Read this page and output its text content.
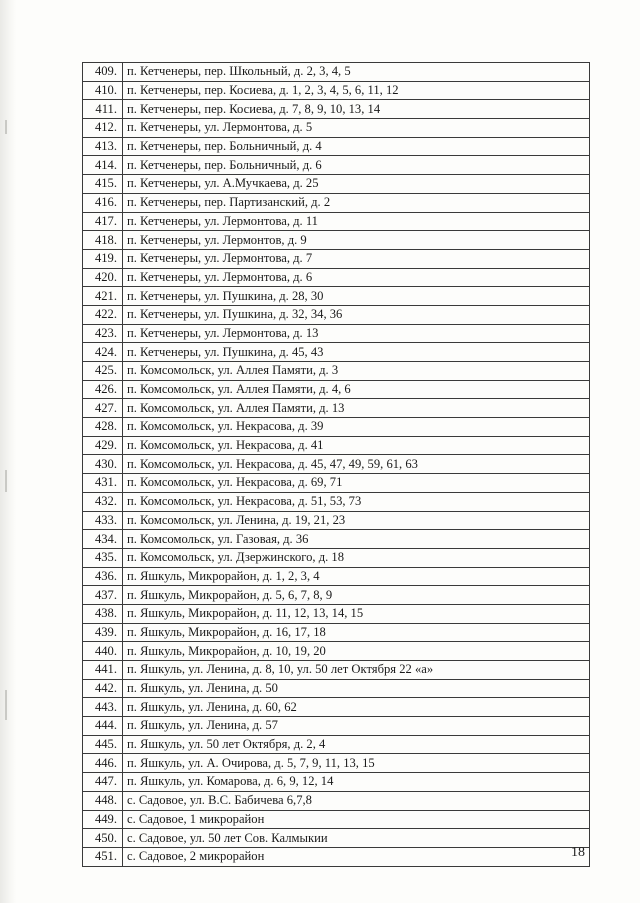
409.	п. Кетченеры, пер. Школьный, д. 2, 3, 4, 5
410.	п. Кетченеры, пер. Косиева, д. 1, 2, 3, 4, 5, 6, 11, 12
411.	п. Кетченеры, пер. Косиева, д. 7, 8, 9, 10, 13, 14
412.	п. Кетченеры, ул. Лермонтова, д. 5
413.	п. Кетченеры, пер. Больничный, д. 4
414.	п. Кетченеры, пер. Больничный, д. 6
415.	п. Кетченеры, ул. А.Мучкаева, д. 25
416.	п. Кетченеры, пер. Партизанский, д. 2
417.	п. Кетченеры, ул. Лермонтова, д. 11
418.	п. Кетченеры, ул. Лермонтов, д. 9
419.	п. Кетченеры, ул. Лермонтова, д. 7
420.	п. Кетченеры, ул. Лермонтова, д. 6
421.	п. Кетченеры, ул. Пушкина, д. 28, 30
422.	п. Кетченеры, ул. Пушкина, д. 32, 34, 36
423.	п. Кетченеры, ул. Лермонтова, д. 13
424.	п. Кетченеры, ул. Пушкина, д. 45, 43
425.	п. Комсомольск, ул. Аллея Памяти, д. 3
426.	п. Комсомольск, ул. Аллея Памяти, д. 4, 6
427.	п. Комсомольск, ул. Аллея Памяти, д. 13
428.	п. Комсомольск, ул. Некрасова, д. 39
429.	п. Комсомольск, ул. Некрасова, д. 41
430.	п. Комсомольск, ул. Некрасова, д. 45, 47, 49, 59, 61, 63
431.	п. Комсомольск, ул. Некрасова, д. 69, 71
432.	п. Комсомольск, ул. Некрасова, д. 51, 53, 73
433.	п. Комсомольск, ул. Ленина, д. 19, 21, 23
434.	п. Комсомольск, ул. Газовая, д. 36
435.	п. Комсомольск, ул. Дзержинского, д. 18
436.	п. Яшкуль, Микрорайон, д. 1, 2, 3, 4
437.	п. Яшкуль, Микрорайон, д. 5, 6, 7, 8, 9
438.	п. Яшкуль, Микрорайон, д. 11, 12, 13, 14, 15
439.	п. Яшкуль, Микрорайон, д. 16, 17, 18
440.	п. Яшкуль, Микрорайон, д. 10, 19, 20
441.	п. Яшкуль, ул. Ленина, д. 8, 10, ул. 50 лет Октября 22 «а»
442.	п. Яшкуль, ул. Ленина, д. 50
443.	п. Яшкуль, ул. Ленина, д. 60, 62
444.	п. Яшкуль, ул. Ленина, д. 57
445.	п. Яшкуль, ул. 50 лет Октября, д. 2, 4
446.	п. Яшкуль, ул. А. Очирова, д. 5, 7, 9, 11, 13, 15
447.	п. Яшкуль, ул. Комарова, д. 6, 9, 12, 14
448.	с. Садовое, ул. В.С. Бабичева 6,7,8
449.	с. Садовое, 1 микрорайон
450.	с. Садовое, ул. 50 лет Сов. Калмыкии
451.	с. Садовое, 2 микрорайон	18
